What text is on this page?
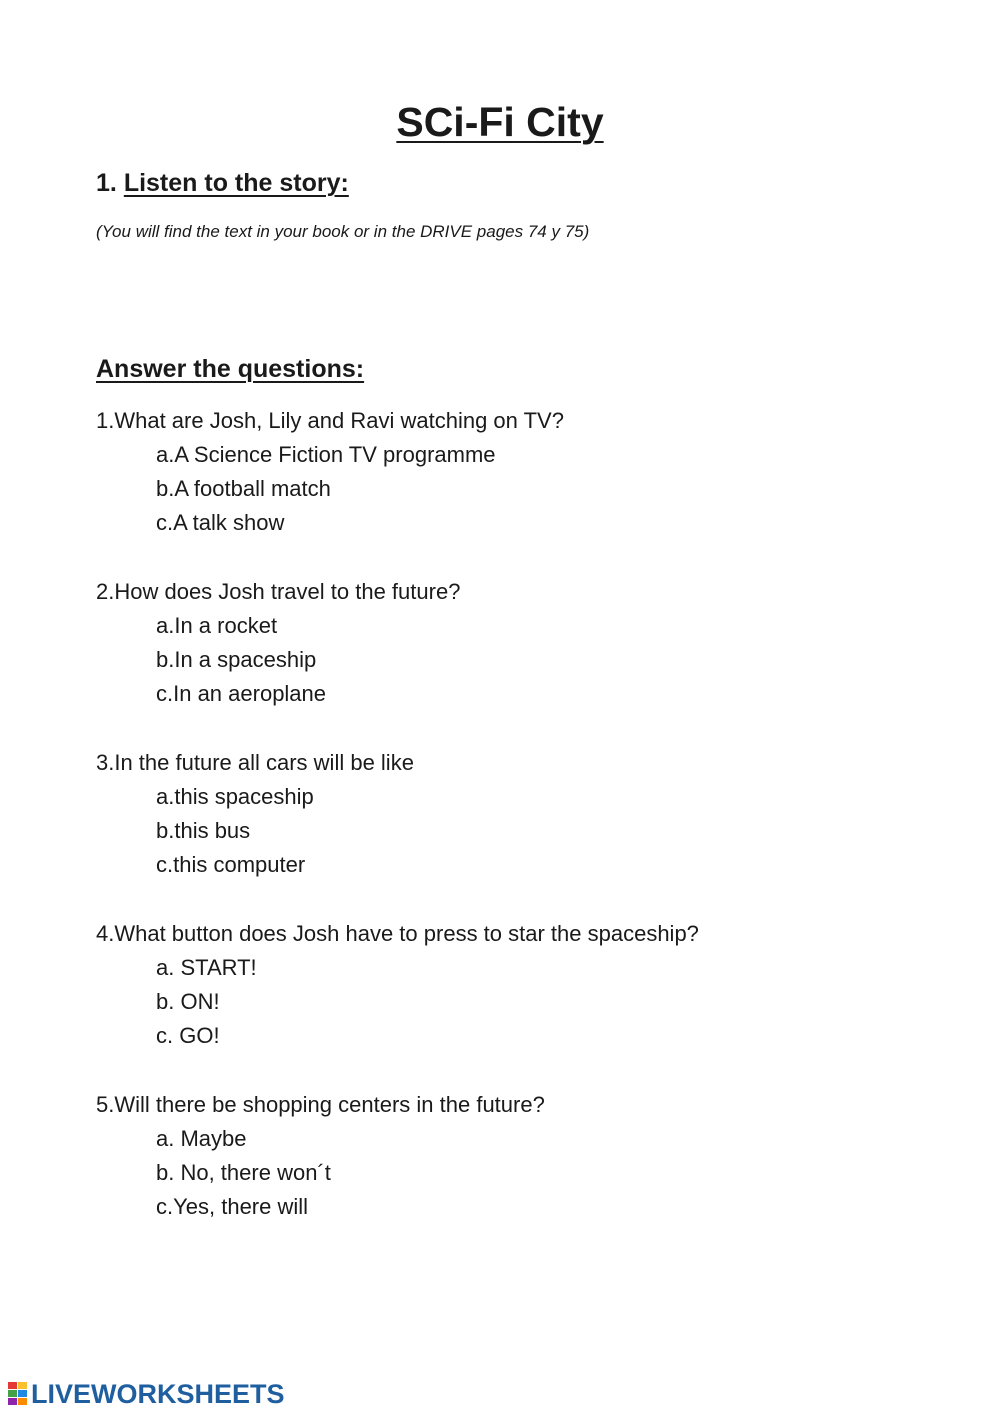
SCi-Fi City
1. Listen to the story:

(You will find the text in your book or in the DRIVE pages 74 y 75)

Answer the questions:

1.What are Josh, Lily and Ravi watching on TV?

a.A Science Fiction TV programme

b.A football match

c.A talk show

2.How does Josh travel to the future?

a.In a rocket

b.In a spaceship

c.In an aeroplane

3.In the future all cars will be like

a.this spaceship

b.this bus

c.this computer

4.What button does Josh have to press to star the spaceship?

a. START!

b. ON!

c. GO!

5.Will there be shopping centers in the future?

a. Maybe

b. No, there won´t

c.Yes, there will

LIVEWORKSHEETS
